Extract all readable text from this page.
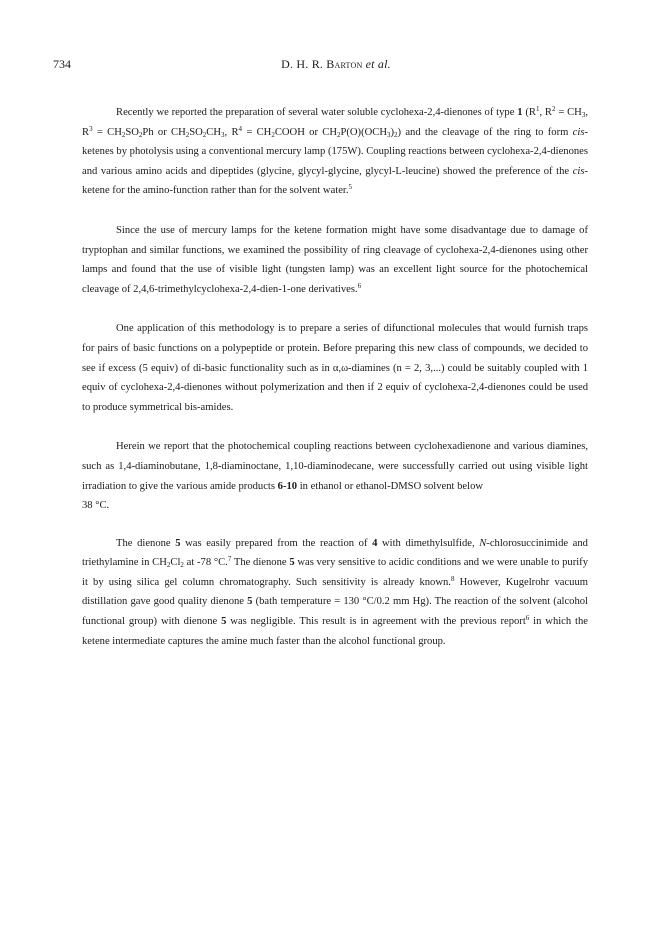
734	D. H. R. Barton et al.

Recently we reported the preparation of several water soluble cyclohexa-2,4-dienones of type 1 ($R^1$, $R^2 = CH_3$, $R^3 = CH_2SO_2Ph$ or $CH_2SO_2CH_3$, $R^4$ = $CH_2COOH$ or $CH_2P(O)(OCH_3)_2$) and the cleavage of the ring to form cis-ketenes by photolysis using a conventional mercury lamp (175W). Coupling reactions between cyclohexa-2,4-dienones and various amino acids and dipeptides (glycine, glycyl-glycine, glycyl-L-leucine) showed the preference of the cis-ketene for the amino-function rather than for the solvent water.$^5$

Since the use of mercury lamps for the ketene formation might have some disadvantage due to damage of tryptophan and similar functions, we examined the possibility of ring cleavage of cyclohexa-2,4-dienones using other lamps and found that the use of visible light (tungsten lamp) was an excellent light source for the photochemical cleavage of 2,4,6-trimethylcyclohexa-2,4-dien-1-one derivatives.$^6$

One application of this methodology is to prepare a series of difunctional molecules that would furnish traps for pairs of basic functions on a polypeptide or protein. Before preparing this new class of compounds, we decided to see if excess (5 equiv) of di-basic functionality such as in α,ω-diamines (n = 2, 3,...) could be suitably coupled with 1 equiv of cyclohexa-2,4-dienones without polymerization and then if 2 equiv of cyclohexa-2,4-dienones could be used to produce symmetrical bis-amides.

Herein we report that the photochemical coupling reactions between cyclohexadienone and various diamines, such as 1,4-diaminobutane, 1,8-diaminoctane, 1,10-diaminodecane, were successfully carried out using visible light irradiation to give the various amide products 6-10 in ethanol or ethanol-DMSO solvent below

38 °C.

The dienone 5 was easily prepared from the reaction of 4 with dimethylsulfide, N-chlorosuccinimide and triethylamine in $CH_2Cl_2$ at -78 °C.$^7$ The dienone 5 was very sensitive to acidic conditions and we were unable to purify it by using silica gel column chromatography. Such sensitivity is already known.$^8$ However, Kugelrohr vacuum distillation gave good quality dienone 5 (bath temperature = 130 °C/0.2 mm Hg). The reaction of the solvent (alcohol functional group) with dienone 5 was negligible. This result is in agreement with the previous report$^6$ in which the ketene intermediate captures the amine much faster than the alcohol functional group.
